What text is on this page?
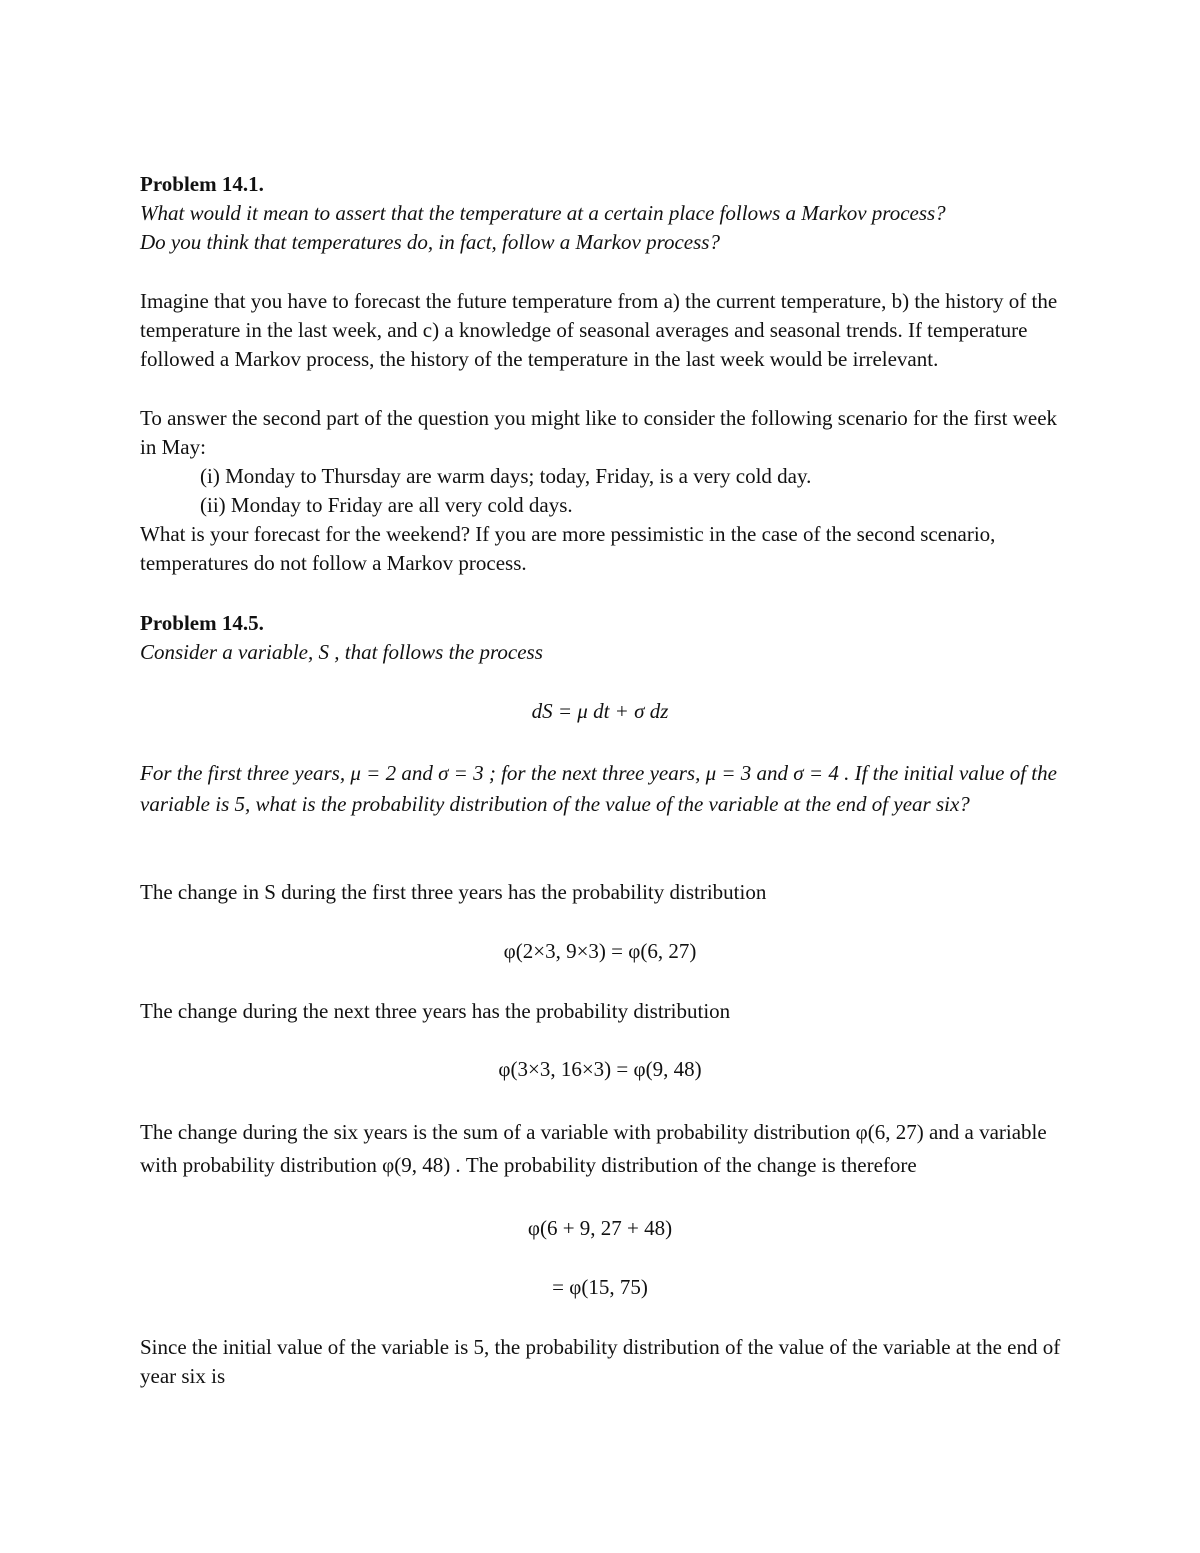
Problem 14.1.

What would it mean to assert that the temperature at a certain place follows a Markov process?
Do you think that temperatures do, in fact, follow a Markov process?

Imagine that you have to forecast the future temperature from a) the current temperature, b) the history of the temperature in the last week, and c) a knowledge of seasonal averages and seasonal trends. If temperature followed a Markov process, the history of the temperature in the last week would be irrelevant.

To answer the second part of the question you might like to consider the following scenario for the first week in May:

(i) Monday to Thursday are warm days; today, Friday, is a very cold day.
(ii) Monday to Friday are all very cold days.

What is your forecast for the weekend? If you are more pessimistic in the case of the second scenario, temperatures do not follow a Markov process.

Problem 14.5.

Consider a variable, S , that follows the process

dS = μ dt + σ dz

For the first three years, μ = 2 and σ = 3 ; for the next three years, μ = 3 and σ = 4 . If the initial value of the variable is 5, what is the probability distribution of the value of the variable at the end of year six?

The change in S during the first three years has the probability distribution

φ(2×3, 9×3) = φ(6, 27)

The change during the next three years has the probability distribution

φ(3×3, 16×3) = φ(9, 48)

The change during the six years is the sum of a variable with probability distribution φ(6, 27) and a variable with probability distribution φ(9, 48) . The probability distribution of the change is therefore

φ(6 + 9, 27 + 48)

= φ(15, 75)

Since the initial value of the variable is 5, the probability distribution of the value of the variable at the end of year six is
